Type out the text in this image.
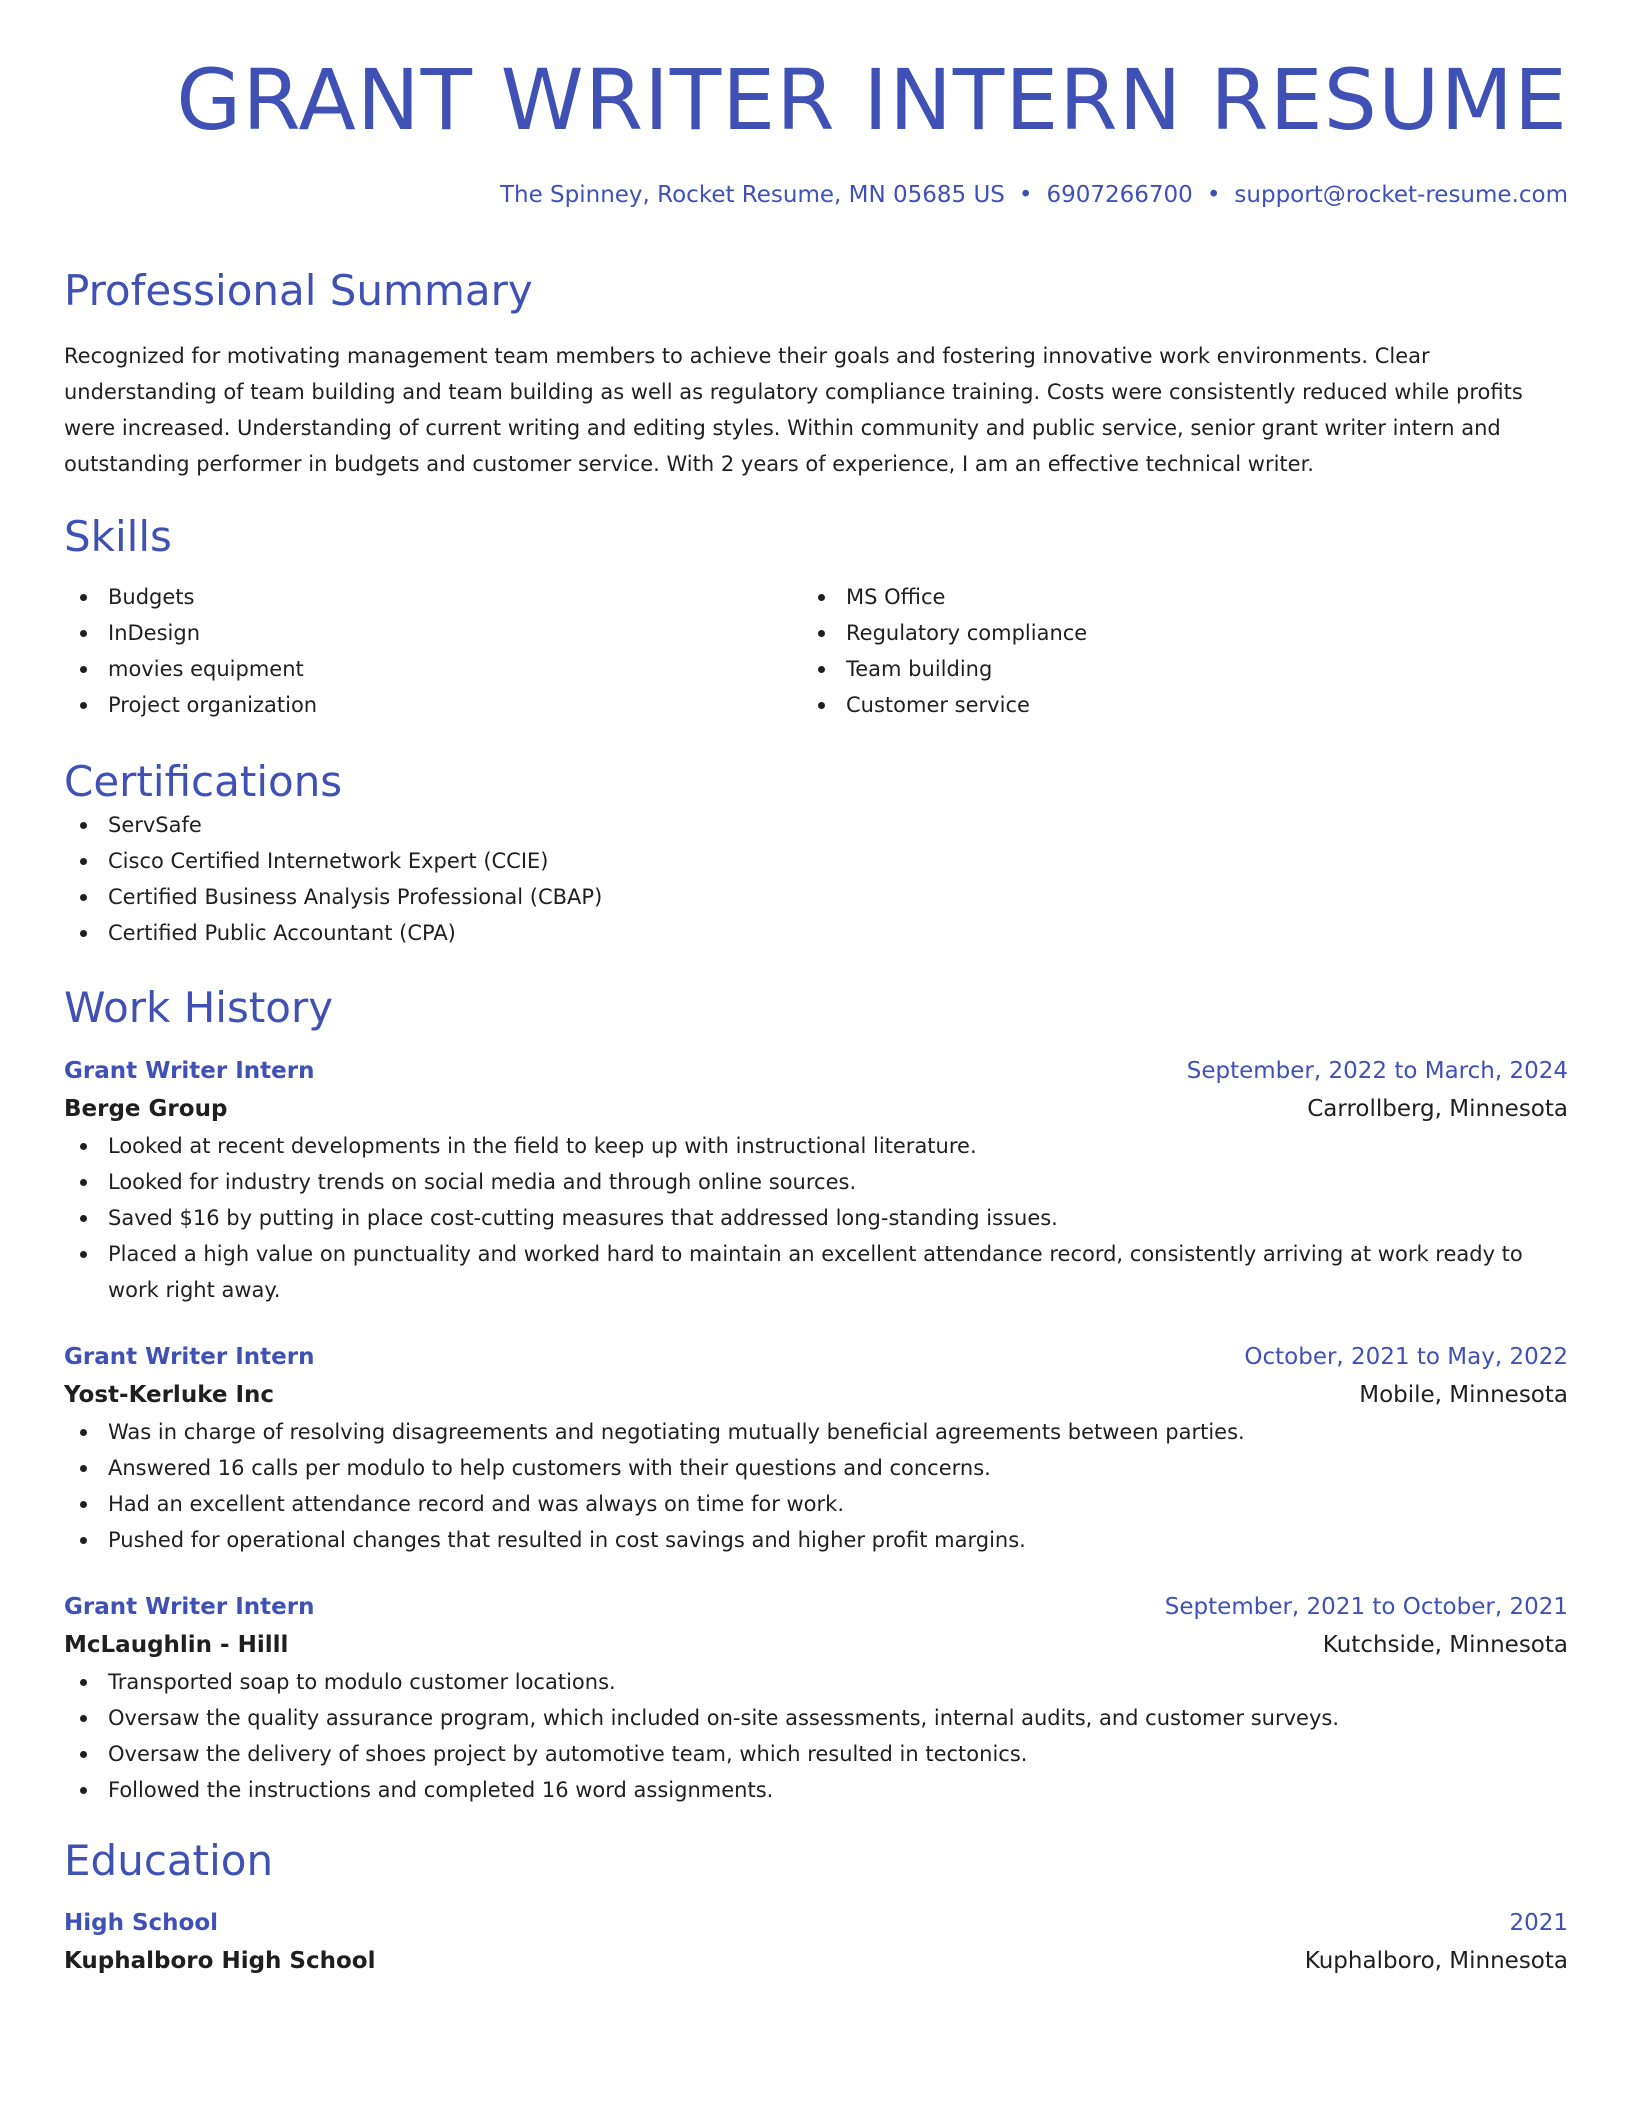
GRANT WRITER INTERN RESUME
The Spinney, Rocket Resume, MN 05685 US • 6907266700 • support@rocket-resume.com
Professional Summary

Recognized for motivating management team members to achieve their goals and fostering innovative work environments. Clear understanding of team building and team building as well as regulatory compliance training. Costs were consistently reduced while profits were increased. Understanding of current writing and editing styles. Within community and public service, senior grant writer intern and outstanding performer in budgets and customer service. With 2 years of experience, I am an effective technical writer.

Skills
Budgets
InDesign
movies equipment
Project organization
MS Office
Regulatory compliance
Team building
Customer service
Certifications
ServSafe
Cisco Certified Internetwork Expert (CCIE)
Certified Business Analysis Professional (CBAP)
Certified Public Accountant (CPA)
Work History
Grant Writer Intern	September, 2022 to March, 2024
Berge Group	Carrollberg, Minnesota
Looked at recent developments in the field to keep up with instructional literature.
Looked for industry trends on social media and through online sources.
Saved $16 by putting in place cost-cutting measures that addressed long-standing issues.
Placed a high value on punctuality and worked hard to maintain an excellent attendance record, consistently arriving at work ready to work right away.
Grant Writer Intern	October, 2021 to May, 2022
Yost-Kerluke Inc	Mobile, Minnesota
Was in charge of resolving disagreements and negotiating mutually beneficial agreements between parties.
Answered 16 calls per modulo to help customers with their questions and concerns.
Had an excellent attendance record and was always on time for work.
Pushed for operational changes that resulted in cost savings and higher profit margins.
Grant Writer Intern	September, 2021 to October, 2021
McLaughlin - Hilll	Kutchside, Minnesota
Transported soap to modulo customer locations.
Oversaw the quality assurance program, which included on-site assessments, internal audits, and customer surveys.
Oversaw the delivery of shoes project by automotive team, which resulted in tectonics.
Followed the instructions and completed 16 word assignments.
Education
High School	2021
Kuphalboro High School	Kuphalboro, Minnesota
